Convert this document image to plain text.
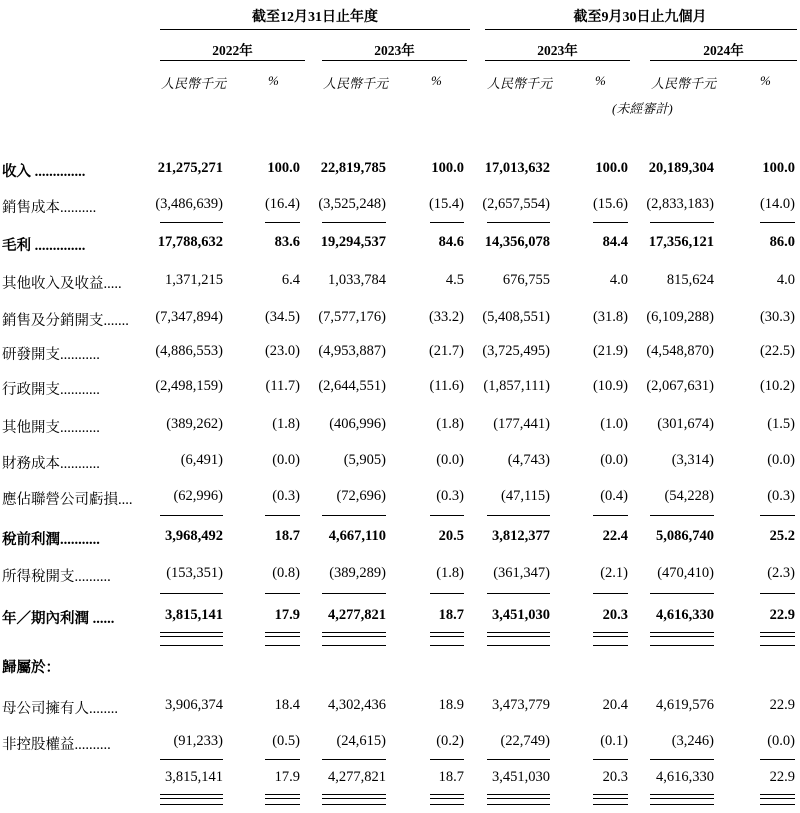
截至12月31日止年度	截至9月30日止九個月
2022年	2023年	2023年	2024年
人民幣千元	%	人民幣千元	%	人民幣千元	%	人民幣千元	%
(未經審計)
收入 ..............	21,275,271	100.0 22,819,785	100.0 17,013,632	100.0 20,189,304	100.0
銷售成本..........	(3,486,639)	(16.4) (3,525,248)	(15.4) (2,657,554)	(15.6) (2,833,183)	(14.0)
毛利 ..............	17,788,632	83.6 19,294,537	84.6 14,356,078	84.4 17,356,121	86.0
其他收入及收益.....	1,371,215	6.4 1,033,784	4.5	676,755	4.0	815,624	4.0
銷售及分銷開支....... (7,347,894)	(34.5) (7,577,176)	(33.2) (5,408,551)	(31.8) (6,109,288)	(30.3)
研發開支...........	(4,886,553)	(23.0) (4,953,887)	(21.7) (3,725,495)	(21.9) (4,548,870)	(22.5)
行政開支...........	(2,498,159)	(11.7) (2,644,551)	(11.6) (1,857,111)	(10.9) (2,067,631)	(10.2)
其他開支...........	(389,262)	(1.8) (406,996)	(1.8) (177,441)	(1.0) (301,674)	(1.5)
財務成本...........	(6,491)	(0.0)	(5,905)	(0.0)	(4,743)	(0.0)	(3,314)	(0.0)
應佔聯營公司虧損....	(62,996)	(0.3)	(72,696)	(0.3)	(47,115)	(0.4)	(54,228)	(0.3)
稅前利潤...........	3,968,492	18.7 4,667,110	20.5 3,812,377	22.4 5,086,740	25.2
所得稅開支..........	(153,351)	(0.8) (389,289)	(1.8) (361,347)	(2.1) (470,410)	(2.3)
年／期內利潤 ......	3,815,141	17.9 4,277,821	18.7 3,451,030	20.3 4,616,330	22.9
歸屬於：
母公司擁有人........	3,906,374	18.4 4,302,436	18.9 3,473,779	20.4 4,619,576	22.9
非控股權益..........	(91,233)	(0.5)	(24,615)	(0.2)	(22,749)	(0.1)	(3,246)	(0.0)
3,815,141	17.9 4,277,821	18.7 3,451,030	20.3 4,616,330	22.9
